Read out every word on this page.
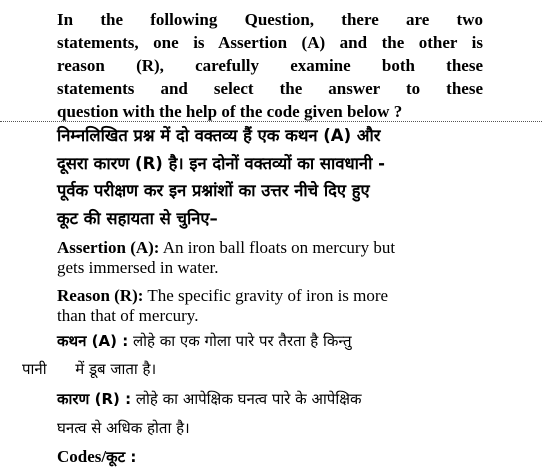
In the following Question, there are two
statements, one is Assertion (A) and the other is
reason (R), carefully examine both these
statements and select the answer to these
question with the help of the code given below ?
निम्नलिखित प्रश्न में दो वक्तव्य हैं एक कथन (A) और
दूसरा कारण (R) है। इन दोनों वक्तव्यों का सावधानी -
पूर्वक परीक्षण कर इन प्रश्नांशों का उत्तर नीचे दिए हुए
कूट की सहायता से चुनिए–
Assertion (A): An iron ball floats on mercury but
gets immersed in water.
Reason (R): The specific gravity of iron is more
than that of mercury.
कथन (A) : लोहे का एक गोला पारे पर तैरता है किन्तु
पानी      में डूब जाता है।
कारण (R) : लोहे का आपेक्षिक घनत्व पारे के आपेक्षिक
घनत्व से अधिक होता है।
Codes/कूट :
